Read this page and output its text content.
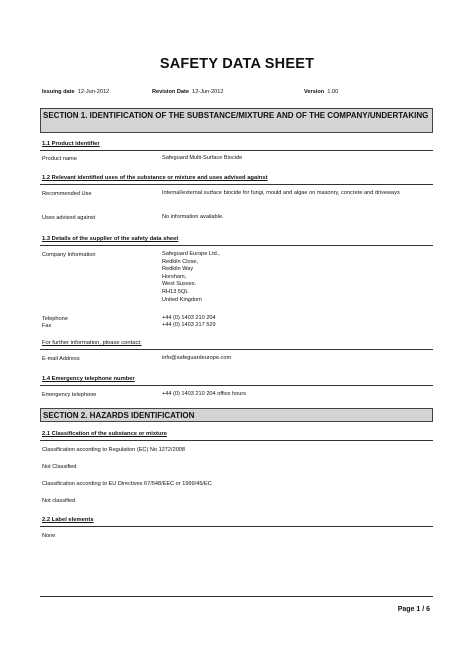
SAFETY DATA SHEET
Issuing date 12-Jun-2012	Revision Date 12-Jun-2012	Version 1.00
SECTION 1. IDENTIFICATION OF THE SUBSTANCE/MIXTURE AND OF THE COMPANY/UNDERTAKING
1.1 Product identifier
Product name	Safeguard Multi-Surface Biocide
1.2 Relevant identified uses of the substance or mixture and uses advised against
Recommended Use	Internal/external surface biocide for fungi, mould and algae on masonry, concrete and driveways
Uses advised against	No information available.
1.3 Details of the supplier of the safety data sheet
Company Information	Safeguard Europe Ltd.,
Redkiln Close,
Redkiln Way
Horsham,
West Sussex.
RH13 5QL
United Kingdom
Telephone	+44 (0) 1403 210 204
Fax	+44 (0) 1403 217 529
For further information, please contact:
E-mail Address	info@safeguardeurope.com
1.4 Emergency telephone number
Emergency telephone	+44 (0) 1403 210 204 office hours
SECTION 2. HAZARDS IDENTIFICATION
2.1 Classification of the substance or mixture
Classification according to Regulation (EC) No 1272/2008
Not Classified
Classification according to EU Directives 67/548/EEC or 1999/45/EC
Not classified
2.2 Label elements
None
Page 1 / 6
